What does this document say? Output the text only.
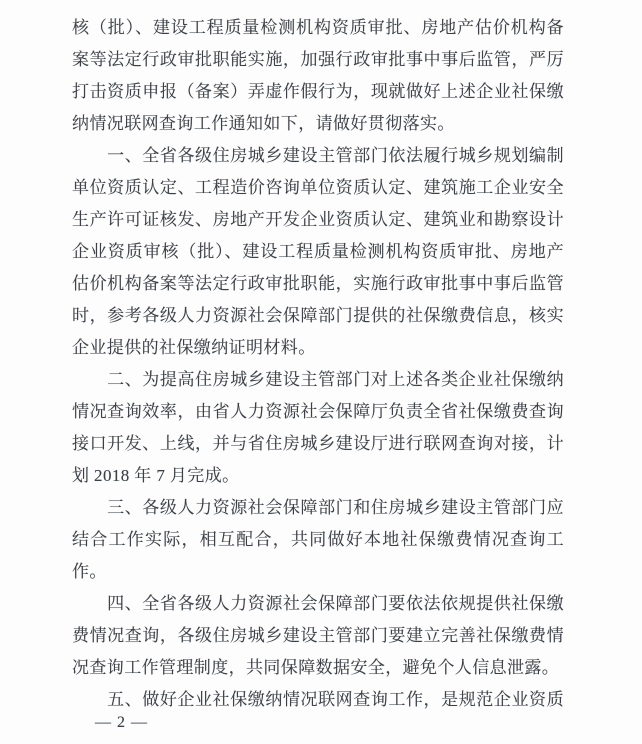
核（批）、建设工程质量检测机构资质审批、房地产估价机构备
案等法定行政审批职能实施，加强行政审批事中事后监管，严厉
打击资质申报（备案）弄虚作假行为，现就做好上述企业社保缴
纳情况联网查询工作通知如下，请做好贯彻落实。
　　一、全省各级住房城乡建设主管部门依法履行城乡规划编制
单位资质认定、工程造价咨询单位资质认定、建筑施工企业安全
生产许可证核发、房地产开发企业资质认定、建筑业和勘察设计
企业资质审核（批）、建设工程质量检测机构资质审批、房地产
估价机构备案等法定行政审批职能，实施行政审批事中事后监管
时，参考各级人力资源社会保障部门提供的社保缴费信息，核实
企业提供的社保缴纳证明材料。
　　二、为提高住房城乡建设主管部门对上述各类企业社保缴纳
情况查询效率，由省人力资源社会保障厅负责全省社保缴费查询
接口开发、上线，并与省住房城乡建设厅进行联网查询对接，计
划 2018 年 7 月完成。
　　三、各级人力资源社会保障部门和住房城乡建设主管部门应
结合工作实际，相互配合，共同做好本地社保缴费情况查询工
作。
　　四、全省各级人力资源社会保障部门要依法依规提供社保缴
费情况查询，各级住房城乡建设主管部门要建立完善社保缴费情
况查询工作管理制度，共同保障数据安全，避免个人信息泄露。
　　五、做好企业社保缴纳情况联网查询工作，是规范企业资质
— 2 —
